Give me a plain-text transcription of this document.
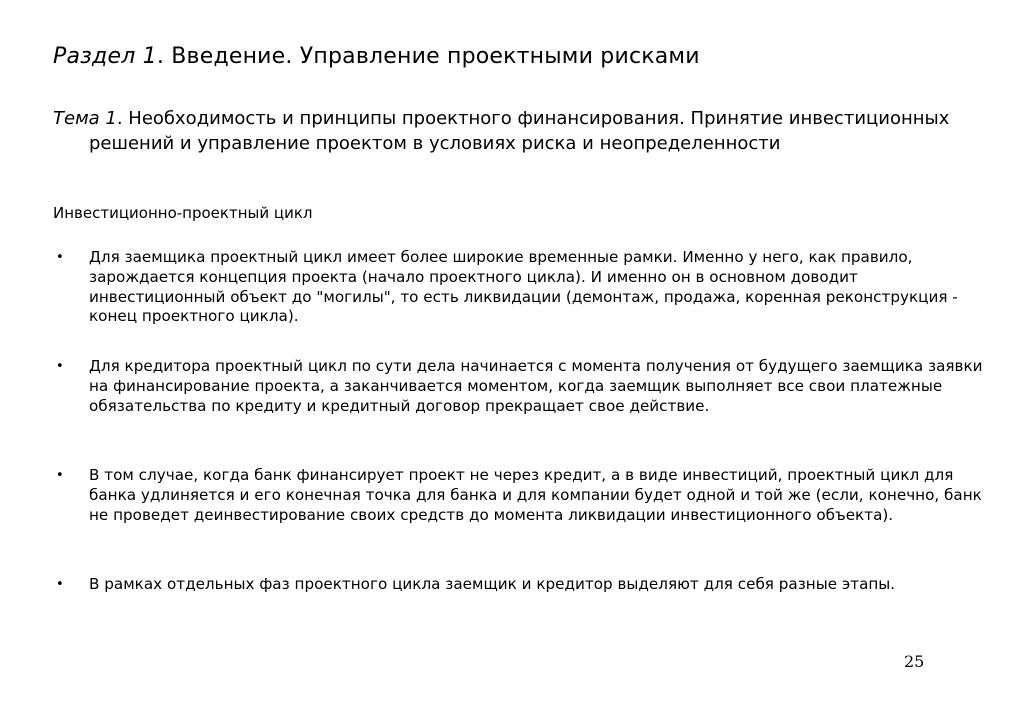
Раздел 1. Введение. Управление проектными рисками

Тема 1. Необходимость и принципы проектного финансирования. Принятие инвестиционных решений и управление проектом в условиях риска и неопределенности

Инвестиционно-проектный цикл

• Для заемщика проектный цикл имеет более широкие временные рамки. Именно у него, как правило, зарождается концепция проекта (начало проектного цикла). И именно он в основном доводит инвестиционный объект до "могилы", то есть ликвидации (демонтаж, продажа, коренная реконструкция - конец проектного цикла).
• Для кредитора проектный цикл по сути дела начинается с момента получения от будущего заемщика заявки на финансирование проекта, а заканчивается моментом, когда заемщик выполняет все свои платежные обязательства по кредиту и кредитный договор прекращает свое действие.
• В том случае, когда банк финансирует проект не через кредит, а в виде инвестиций, проектный цикл для банка удлиняется и его конечная точка для банка и для компании будет одной и той же (если, конечно, банк не проведет деинвестирование своих средств до момента ликвидации инвестиционного объекта).
• В рамках отдельных фаз проектного цикла заемщик и кредитор выделяют для себя разные этапы.

25
